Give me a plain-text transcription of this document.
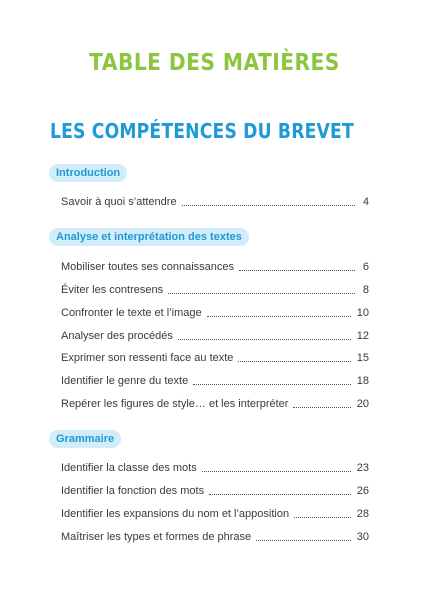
TABLE DES MATIÈRES
LES COMPÉTENCES DU BREVET
Introduction
Savoir à quoi s’attendre	4
Analyse et interprétation des textes
Mobiliser toutes ses connaissances	6
Éviter les contresens	8
Confronter le texte et l’image	10
Analyser des procédés	12
Exprimer son ressenti face au texte	15
Identifier le genre du texte	18
Repérer les figures de style… et les interpréter	20
Grammaire
Identifier la classe des mots	23
Identifier la fonction des mots	26
Identifier les expansions du nom et l’apposition	28
Maîtriser les types et formes de phrase	30
